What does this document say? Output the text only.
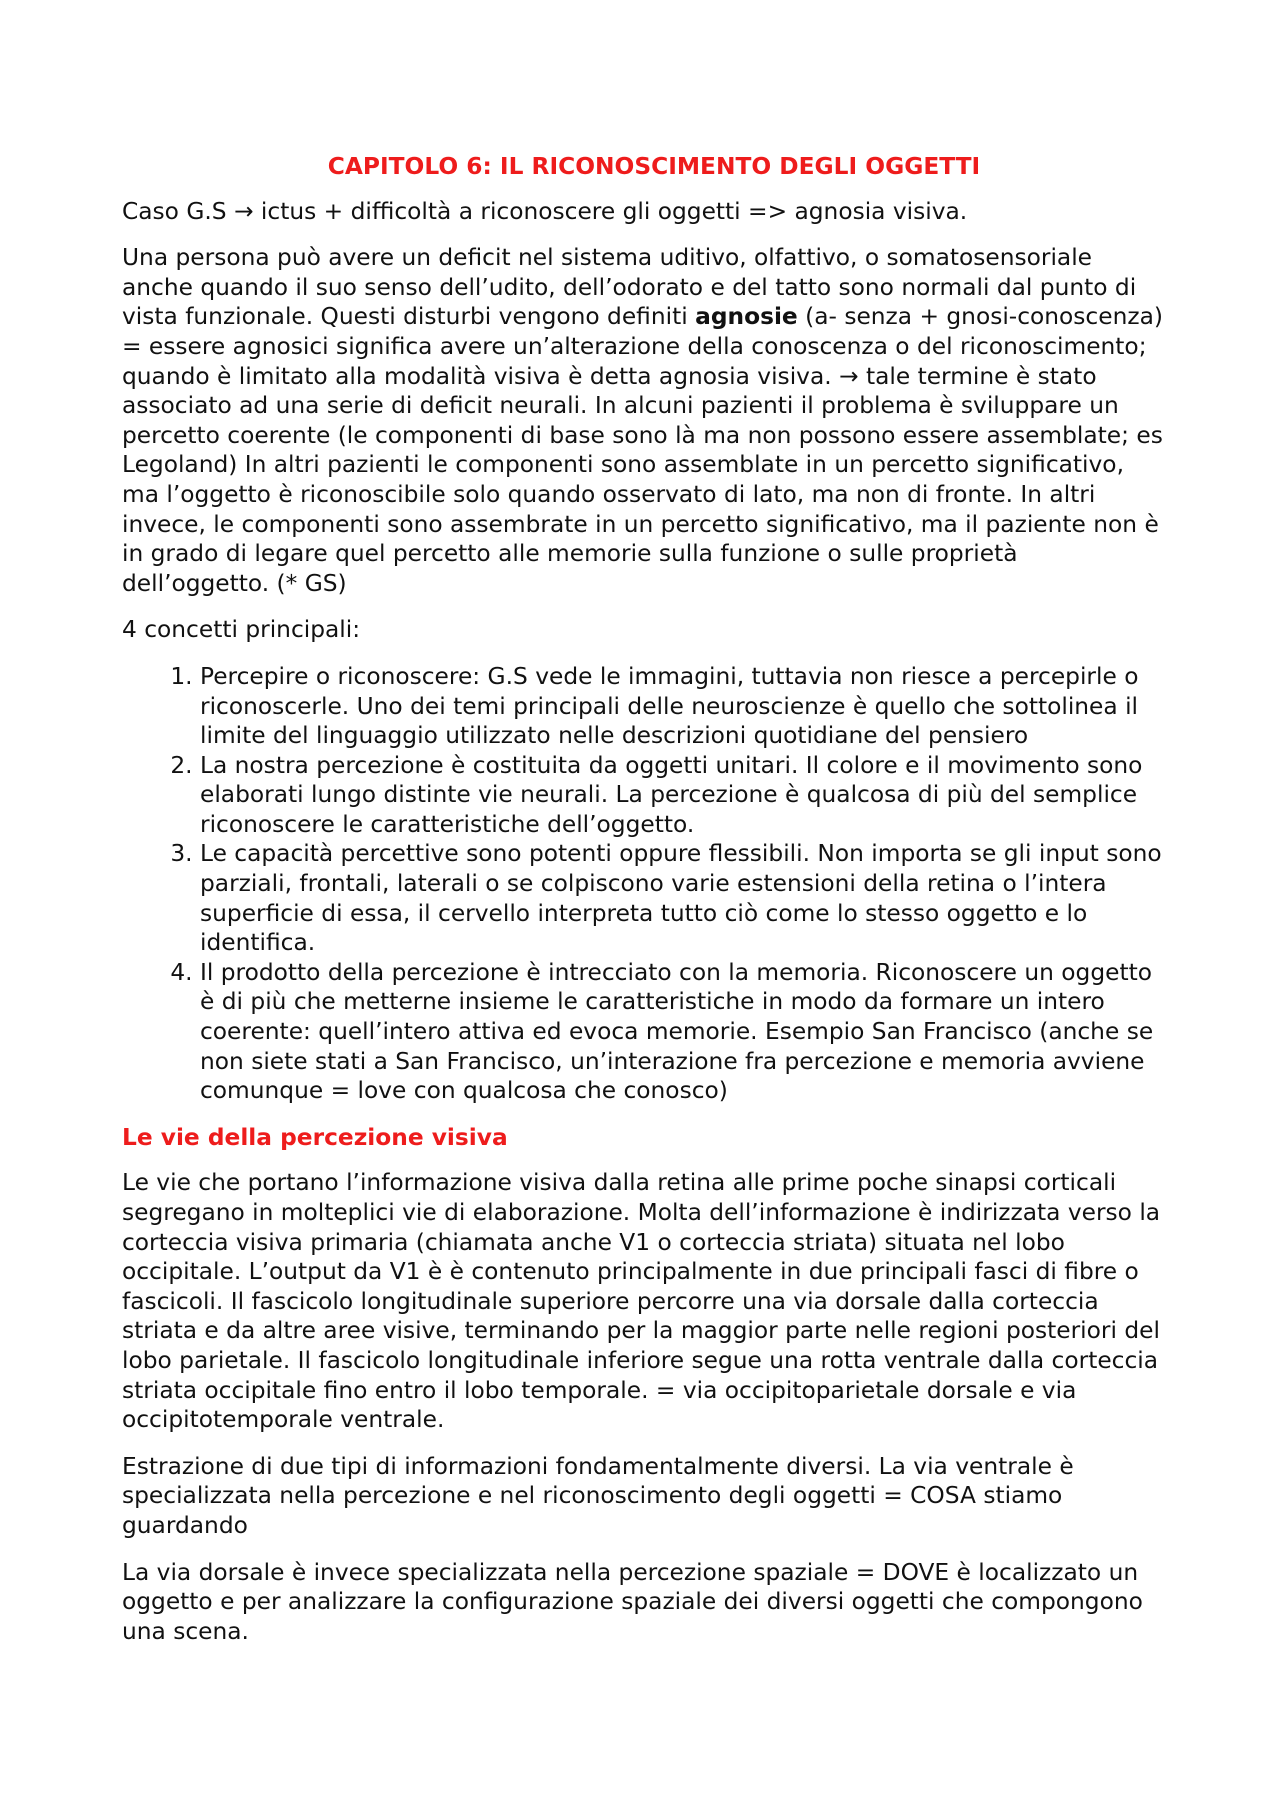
CAPITOLO 6: IL RICONOSCIMENTO DEGLI OGGETTI

Caso G.S → ictus + difficoltà a riconoscere gli oggetti => agnosia visiva.

Una persona può avere un deficit nel sistema uditivo, olfattivo, o somatosensoriale anche quando il suo senso dell’udito, dell’odorato e del tatto sono normali dal punto di vista funzionale. Questi disturbi vengono definiti agnosie (a- senza + gnosi-conoscenza) = essere agnosici significa avere un’alterazione della conoscenza o del riconoscimento; quando è limitato alla modalità visiva è detta agnosia visiva. → tale termine è stato associato ad una serie di deficit neurali. In alcuni pazienti il problema è sviluppare un percetto coerente (le componenti di base sono là ma non possono essere assemblate; es Legoland) In altri pazienti le componenti sono assemblate in un percetto significativo, ma l’oggetto è riconoscibile solo quando osservato di lato, ma non di fronte. In altri invece, le componenti sono assembrate in un percetto significativo, ma il paziente non è in grado di legare quel percetto alle memorie sulla funzione o sulle proprietà dell’oggetto. (* GS)

4 concetti principali:

1. Percepire o riconoscere: G.S vede le immagini, tuttavia non riesce a percepirle o riconoscerle. Uno dei temi principali delle neuroscienze è quello che sottolinea il limite del linguaggio utilizzato nelle descrizioni quotidiane del pensiero
2. La nostra percezione è costituita da oggetti unitari. Il colore e il movimento sono elaborati lungo distinte vie neurali. La percezione è qualcosa di più del semplice riconoscere le caratteristiche dell’oggetto.
3. Le capacità percettive sono potenti oppure flessibili. Non importa se gli input sono parziali, frontali, laterali o se colpiscono varie estensioni della retina o l’intera superficie di essa, il cervello interpreta tutto ciò come lo stesso oggetto e lo identifica.
4. Il prodotto della percezione è intrecciato con la memoria. Riconoscere un oggetto è di più che metterne insieme le caratteristiche in modo da formare un intero coerente: quell’intero attiva ed evoca memorie. Esempio San Francisco (anche se non siete stati a San Francisco, un’interazione fra percezione e memoria avviene comunque = love con qualcosa che conosco)

Le vie della percezione visiva

Le vie che portano l’informazione visiva dalla retina alle prime poche sinapsi corticali segregano in molteplici vie di elaborazione. Molta dell’informazione è indirizzata verso la corteccia visiva primaria (chiamata anche V1 o corteccia striata) situata nel lobo occipitale. L’output da V1 è è contenuto principalmente in due principali fasci di fibre o fascicoli. Il fascicolo longitudinale superiore percorre una via dorsale dalla corteccia striata e da altre aree visive, terminando per la maggior parte nelle regioni posteriori del lobo parietale. Il fascicolo longitudinale inferiore segue una rotta ventrale dalla corteccia striata occipitale fino entro il lobo temporale. = via occipitoparietale dorsale e via occipitotemporale ventrale.

Estrazione di due tipi di informazioni fondamentalmente diversi. La via ventrale è specializzata nella percezione e nel riconoscimento degli oggetti = COSA stiamo guardando

La via dorsale è invece specializzata nella percezione spaziale = DOVE è localizzato un oggetto e per analizzare la configurazione spaziale dei diversi oggetti che compongono una scena.
